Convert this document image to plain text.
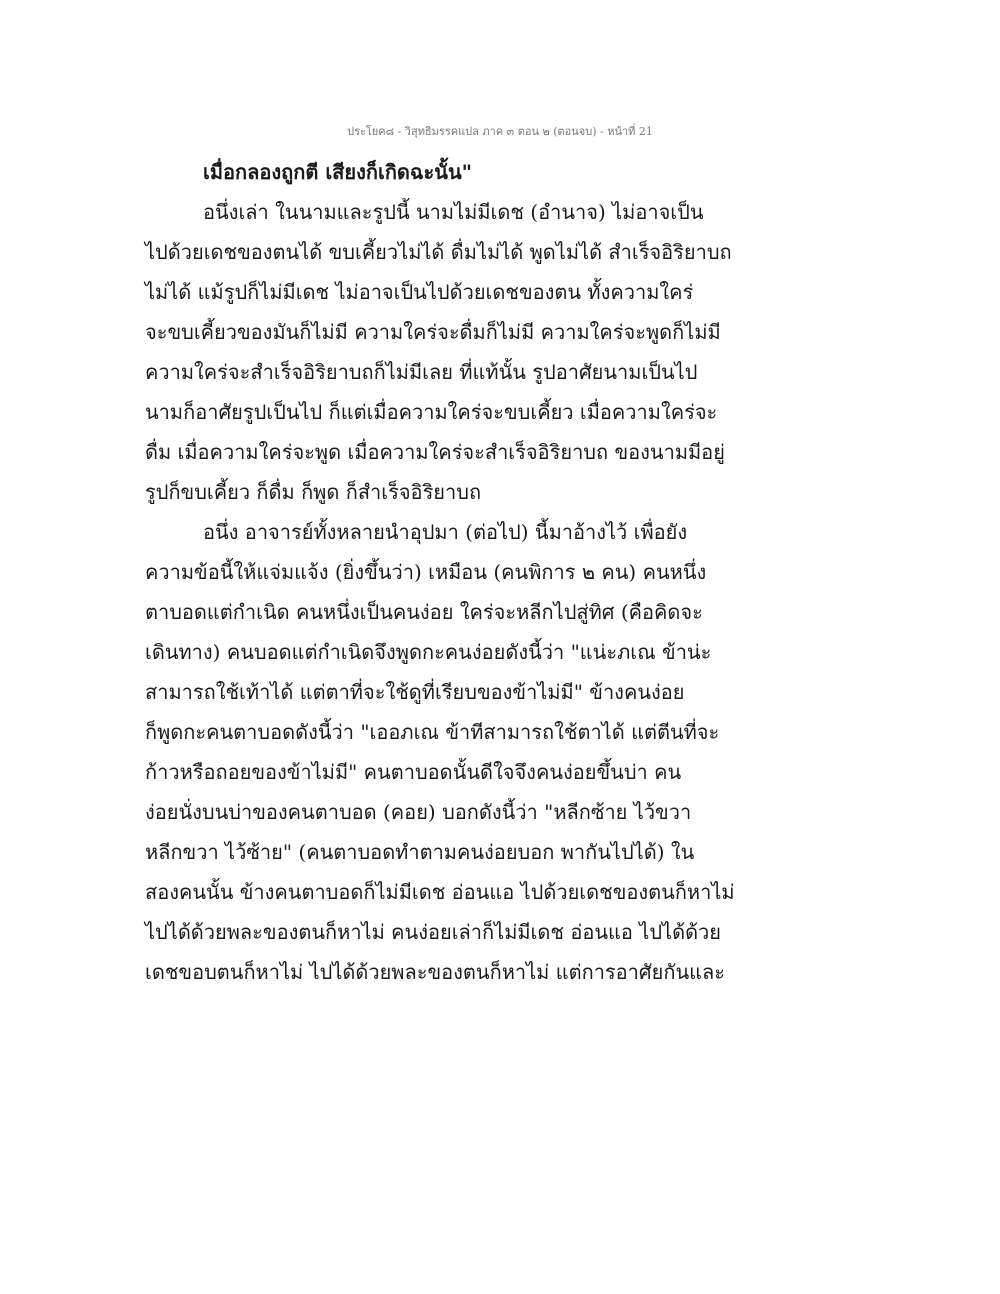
ประโยค๘ - วิสุทธิมรรคแปล ภาค ๓ ตอน ๒ (ตอนจบ) - หน้าที่ 21
เมื่อกลองถูกตี เสียงก็เกิดฉะนั้น"
อนึ่งเล่า ในนามและรูปนี้ นามไม่มีเดช (อำนาจ) ไม่อาจเป็น
ไปด้วยเดชของตนได้ ขบเคี้ยวไม่ได้ ดื่มไม่ได้ พูดไม่ได้ สำเร็จอิริยาบถ
ไม่ได้ แม้รูปก็ไม่มีเดช ไม่อาจเป็นไปด้วยเดชของตน ทั้งความใคร่
จะขบเคี้ยวของมันก็ไม่มี ความใคร่จะดื่มก็ไม่มี ความใคร่จะพูดก็ไม่มี
ความใคร่จะสำเร็จอิริยาบถก็ไม่มีเลย ที่แท้นั้น รูปอาศัยนามเป็นไป
นามก็อาศัยรูปเป็นไป ก็แต่เมื่อความใคร่จะขบเคี้ยว เมื่อความใคร่จะ
ดื่ม เมื่อความใคร่จะพูด เมื่อความใคร่จะสำเร็จอิริยาบถ ของนามมีอยู่
รูปก็ขบเคี้ยว ก็ดื่ม ก็พูด ก็สำเร็จอิริยาบถ
อนึ่ง อาจารย์ทั้งหลายนำอุปมา (ต่อไป) นี้มาอ้างไว้ เพื่อยัง
ความข้อนี้ให้แจ่มแจ้ง (ยิ่งขึ้นว่า) เหมือน (คนพิการ ๒ คน) คนหนึ่ง
ตาบอดแต่กำเนิด คนหนึ่งเป็นคนง่อย ใคร่จะหลีกไปสู่ทิศ (คือคิดจะ
เดินทาง) คนบอดแต่กำเนิดจึงพูดกะคนง่อยดังนี้ว่า "แน่ะภเณ ข้าน่ะ
สามารถใช้เท้าได้ แต่ตาที่จะใช้ดูที่เรียบของข้าไม่มี" ข้างคนง่อย
ก็พูดกะคนตาบอดดังนี้ว่า "เออภเณ ข้าทีสามารถใช้ตาได้ แต่ตีนที่จะ
ก้าวหรือถอยของข้าไม่มี" คนตาบอดนั้นดีใจจึงคนง่อยขึ้นบ่า คน
ง่อยนั่งบนบ่าของคนตาบอด (คอย) บอกดังนี้ว่า "หลีกซ้าย ไว้ขวา
หลีกขวา ไว้ซ้าย" (คนตาบอดทำตามคนง่อยบอก พากันไปได้) ใน
สองคนนั้น ข้างคนตาบอดก็ไม่มีเดช อ่อนแอ ไปด้วยเดชของตนก็หาไม่
ไปได้ด้วยพละของตนก็หาไม่ คนง่อยเล่าก็ไม่มีเดช อ่อนแอ ไปได้ด้วย
เดชขอบตนก็หาไม่ ไปได้ด้วยพละของตนก็หาไม่ แต่การอาศัยกันและ
